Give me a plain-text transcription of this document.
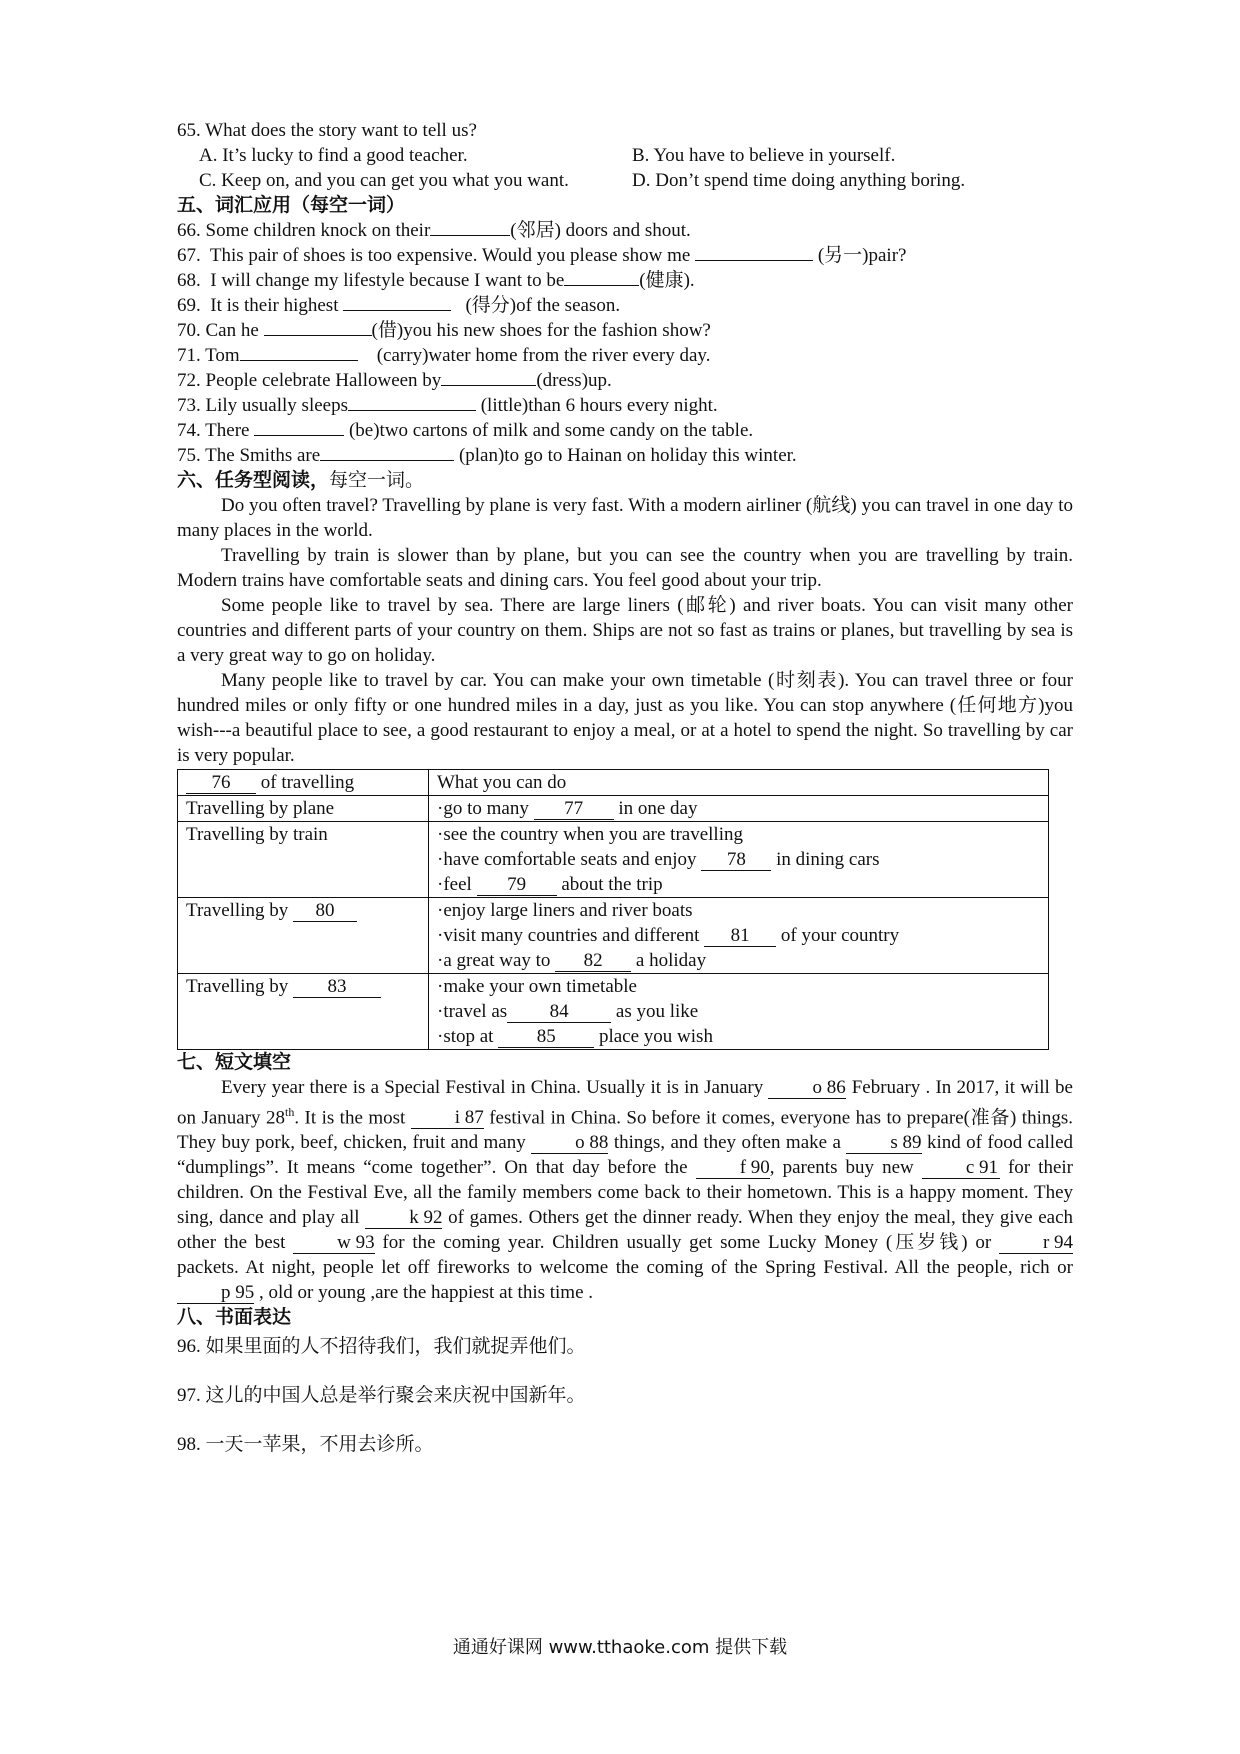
65. What does the story want to tell us?
A. It’s lucky to find a good teacher.	B. You have to believe in yourself.
C. Keep on, and you can get you what you want.	D. Don’t spend time doing anything boring.
五、词汇应用（每空一词）
66. Some children knock on their	(邻居) doors and shout.
67.  This pair of shoes is too expensive. Would you please show me	(另一)pair?
68.  I will change my lifestyle because I want to be	(健康).
69.  It is their highest	(得分)of the season.
70. Can he	(借)you his new shoes for the fashion show?
71. Tom	(carry)water home from the river every day.
72. People celebrate Halloween by	(dress)up.
73. Lily usually sleeps	(little)than 6 hours every night.
74. There	(be)two cartons of milk and some candy on the table.
75. The Smiths are	(plan)to go to Hainan on holiday this winter.
六、任务型阅读，每空一词。
Do you often travel? Travelling by plane is very fast. With a modern airliner (航线) you can travel in one day to many places in the world.
Travelling by train is slower than by plane, but you can see the country when you are travelling by train. Modern trains have comfortable seats and dining cars. You feel good about your trip.
Some people like to travel by sea. There are large liners (邮轮) and river boats. You can visit many other countries and different parts of your country on them. Ships are not so fast as trains or planes, but travelling by sea is a very great way to go on holiday.
Many people like to travel by car. You can make your own timetable (时刻表). You can travel three or four hundred miles or only fifty or one hundred miles in a day, just as you like. You can stop anywhere (任何地方)you wish---a beautiful place to see, a good restaurant to enjoy a meal, or at a hotel to spend the night. So travelling by car is very popular.
76 of travelling	What you can do
Travelling by plane	·go to many 77 in one day
Travelling by train	·see the country when you are travelling
·have comfortable seats and enjoy 78 in dining cars
·feel 79 about the trip

Travelling by 80	·enjoy large liners and river boats
·visit many countries and different 81 of your country
·a great way to 82 a holiday

Travelling by 83	·make your own timetable
·travel as 84 as you like
·stop at 85 place you wish
七、短文填空
Every year there is a Special Festival in China. Usually it is in January o 86 February . In 2017, it will be on January 28th. It is the most i 87 festival in China. So before it comes, everyone has to prepare(准备) things. They buy pork, beef, chicken, fruit and many o 88 things, and they often make a s 89 kind of food called “dumplings”. It means “come together”. On that day before the f 90, parents buy new c 91 for their children. On the Festival Eve, all the family members come back to their hometown. This is a happy moment. They sing, dance and play all k 92 of games. Others get the dinner ready. When they enjoy the meal, they give each other the best w 93 for the coming year. Children usually get some Lucky Money (压岁钱) or r 94 packets. At night, people let off fireworks to welcome the coming of the Spring Festival. All the people, rich or p 95 , old or young ,are the happiest at this time .
八、书面表达
96. 如果里面的人不招待我们，我们就捉弄他们。
97. 这儿的中国人总是举行聚会来庆祝中国新年。
98. 一天一苹果，不用去诊所。
通通好课网 www.tthaoke.com 提供下载
